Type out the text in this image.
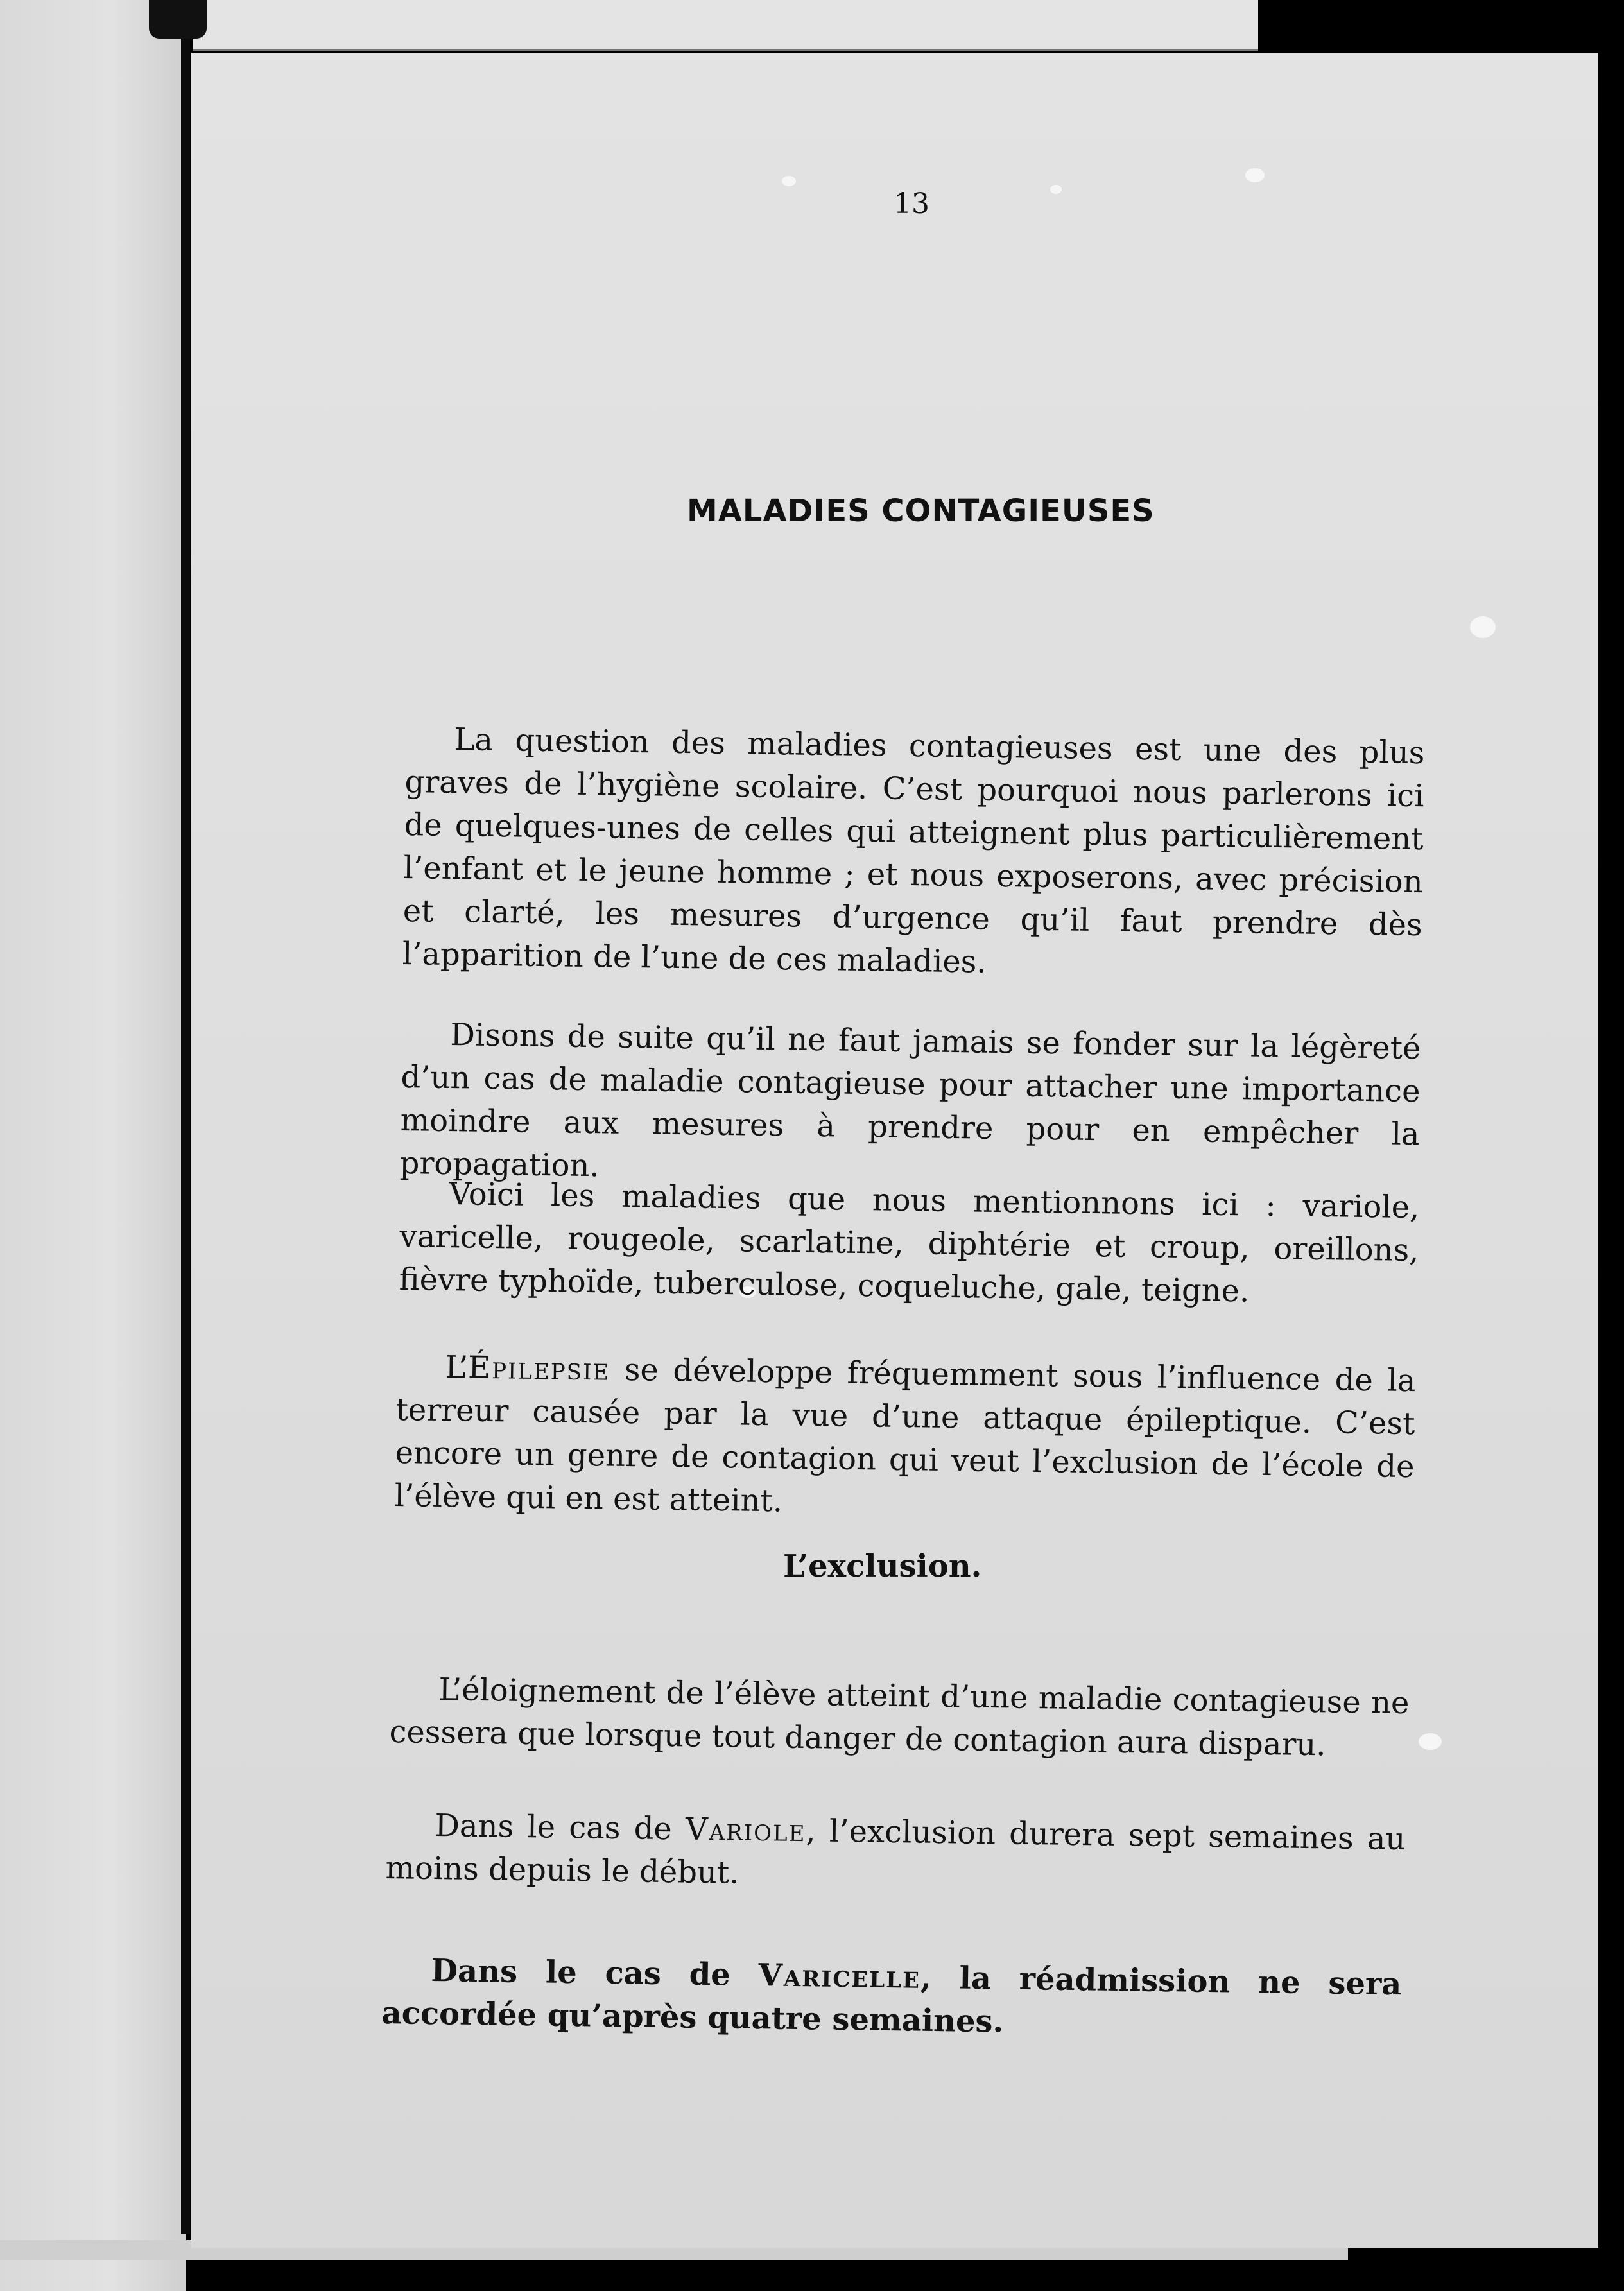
13
MALADIES CONTAGIEUSES

La question des maladies contagieuses est une des plus graves de l’hygiène scolaire. C’est pourquoi nous parlerons ici de quelques-unes de celles qui atteignent plus particulièrement l’enfant et le jeune homme ; et nous exposerons, avec précision et clarté, les mesures d’urgence qu’il faut prendre dès l’apparition de l’une de ces maladies.

Disons de suite qu’il ne faut jamais se fonder sur la légèreté d’un cas de maladie contagieuse pour attacher une importance moindre aux mesures à prendre pour en empêcher la propagation.

Voici les maladies que nous mentionnons ici : variole, varicelle, rougeole, scarlatine, diphtérie et croup, oreillons, fièvre typhoïde, tuberculose, coqueluche, gale, teigne.

L’Épilepsie se développe fréquemment sous l’influence de la terreur causée par la vue d’une attaque épileptique. C’est encore un genre de contagion qui veut l’exclusion de l’école de l’élève qui en est atteint.

L’exclusion.

L’éloignement de l’élève atteint d’une maladie contagieuse ne cessera que lorsque tout danger de contagion aura disparu.

Dans le cas de Variole, l’exclusion durera sept semaines au moins depuis le début.

Dans le cas de Varicelle, la réadmission ne sera accordée qu’après quatre semaines.
